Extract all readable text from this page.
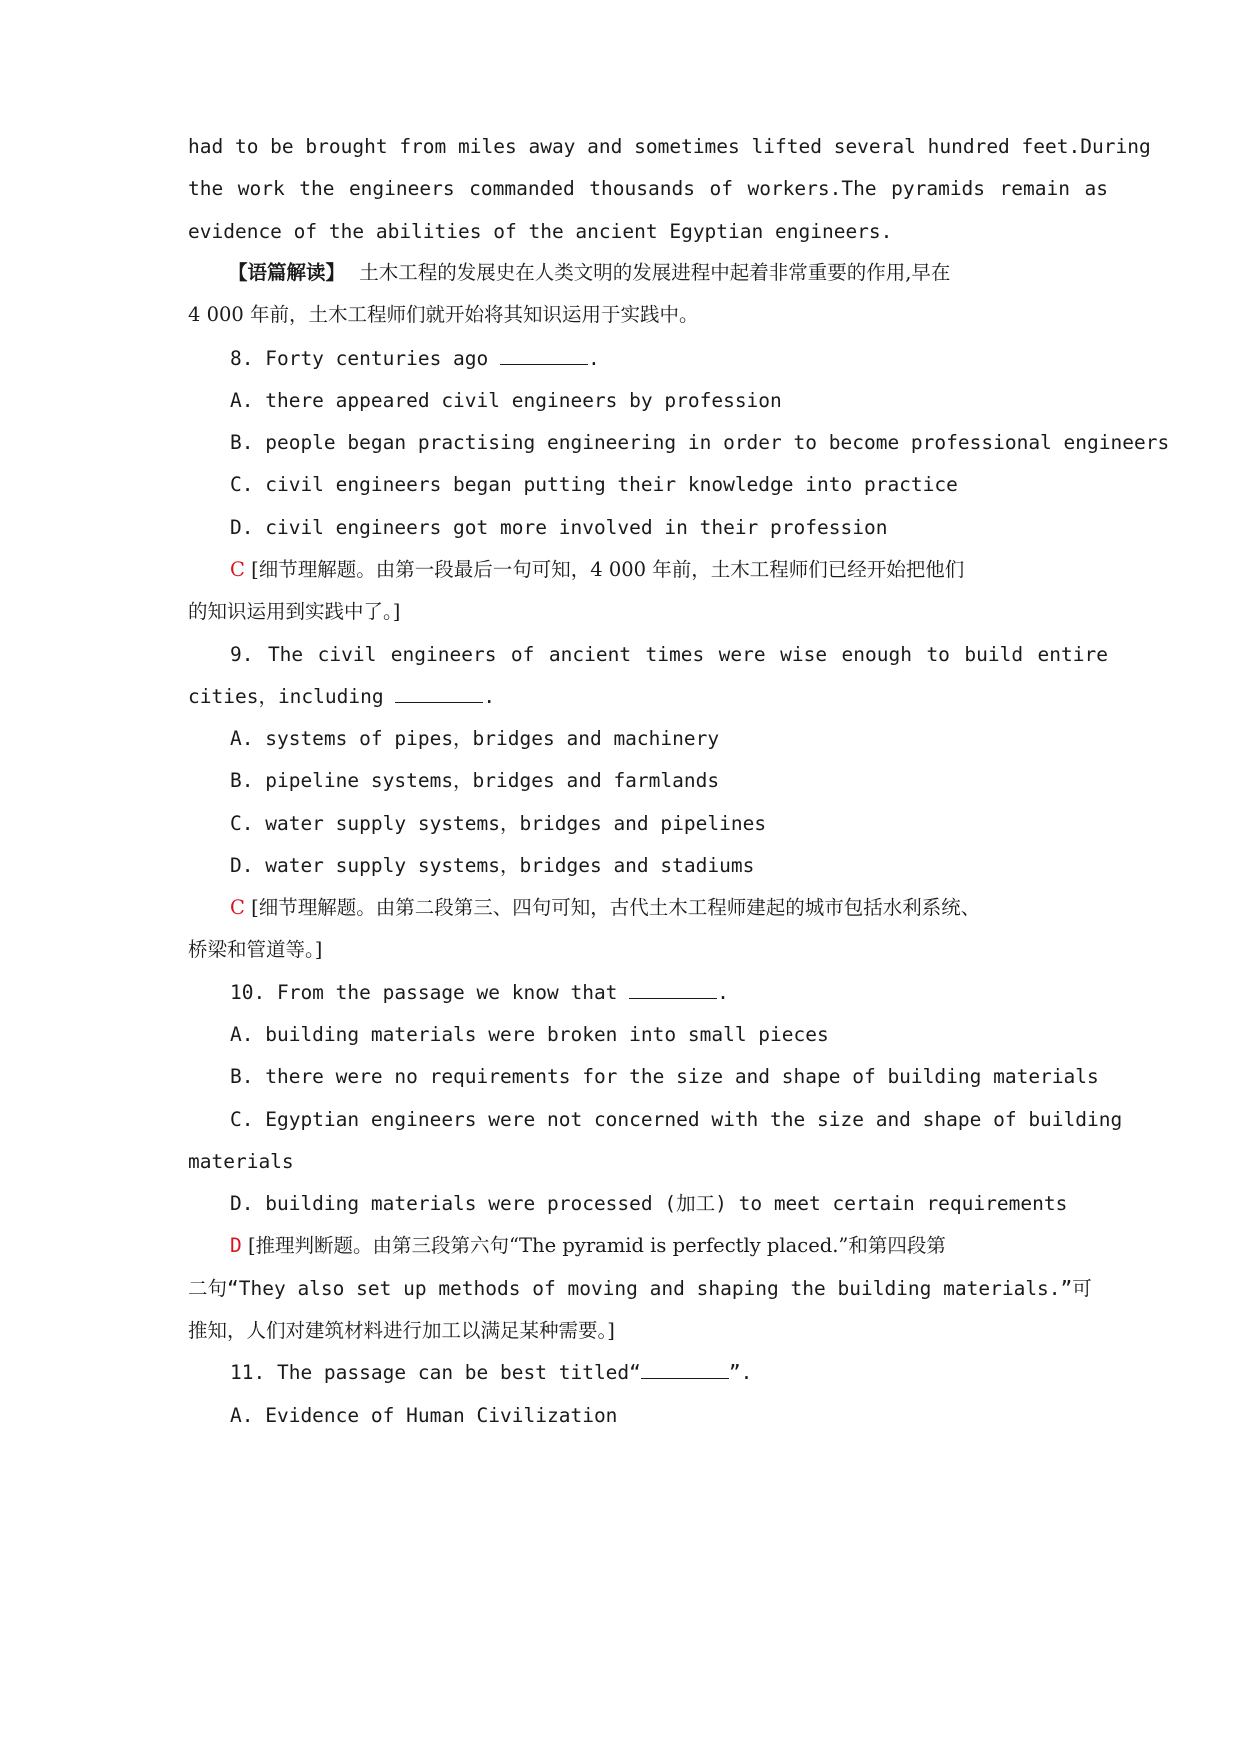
had to be brought from miles away and sometimes lifted several hundred feet.During
the work the engineers commanded thousands of workers.The pyramids remain as
evidence of the abilities of the ancient Egyptian engineers.
【语篇解读】 土木工程的发展史在人类文明的发展进程中起着非常重要的作用,早在
4 000 年前，土木工程师们就开始将其知识运用于实践中。
8. Forty centuries ago	.
A. there appeared civil engineers by profession
B. people began practising engineering in order to become professional engineers
C. civil engineers began putting their knowledge into practice
D. civil engineers got more involved in their profession
C [细节理解题。由第一段最后一句可知，4 000 年前，土木工程师们已经开始把他们
的知识运用到实践中了。]
9. The civil engineers of ancient times were wise enough to build entire
cities，including	.
A. systems of pipes，bridges and machinery
B. pipeline systems，bridges and farmlands
C. water supply systems，bridges and pipelines
D. water supply systems，bridges and stadiums
C [细节理解题。由第二段第三、四句可知，古代土木工程师建起的城市包括水利系统、
桥梁和管道等。]
10. From the passage we know that	.
A. building materials were broken into small pieces
B. there were no requirements for the size and shape of building materials
C. Egyptian engineers were not concerned with the size and shape of building
materials
D. building materials were processed (加工) to meet certain requirements
D [推理判断题。由第三段第六句“The pyramid is perfectly placed.”和第四段第
二句“They also set up methods of moving and shaping the building materials.”可
推知，人们对建筑材料进行加工以满足某种需要。]
11. The passage can be best titled“	”.
A. Evidence of Human Civilization
